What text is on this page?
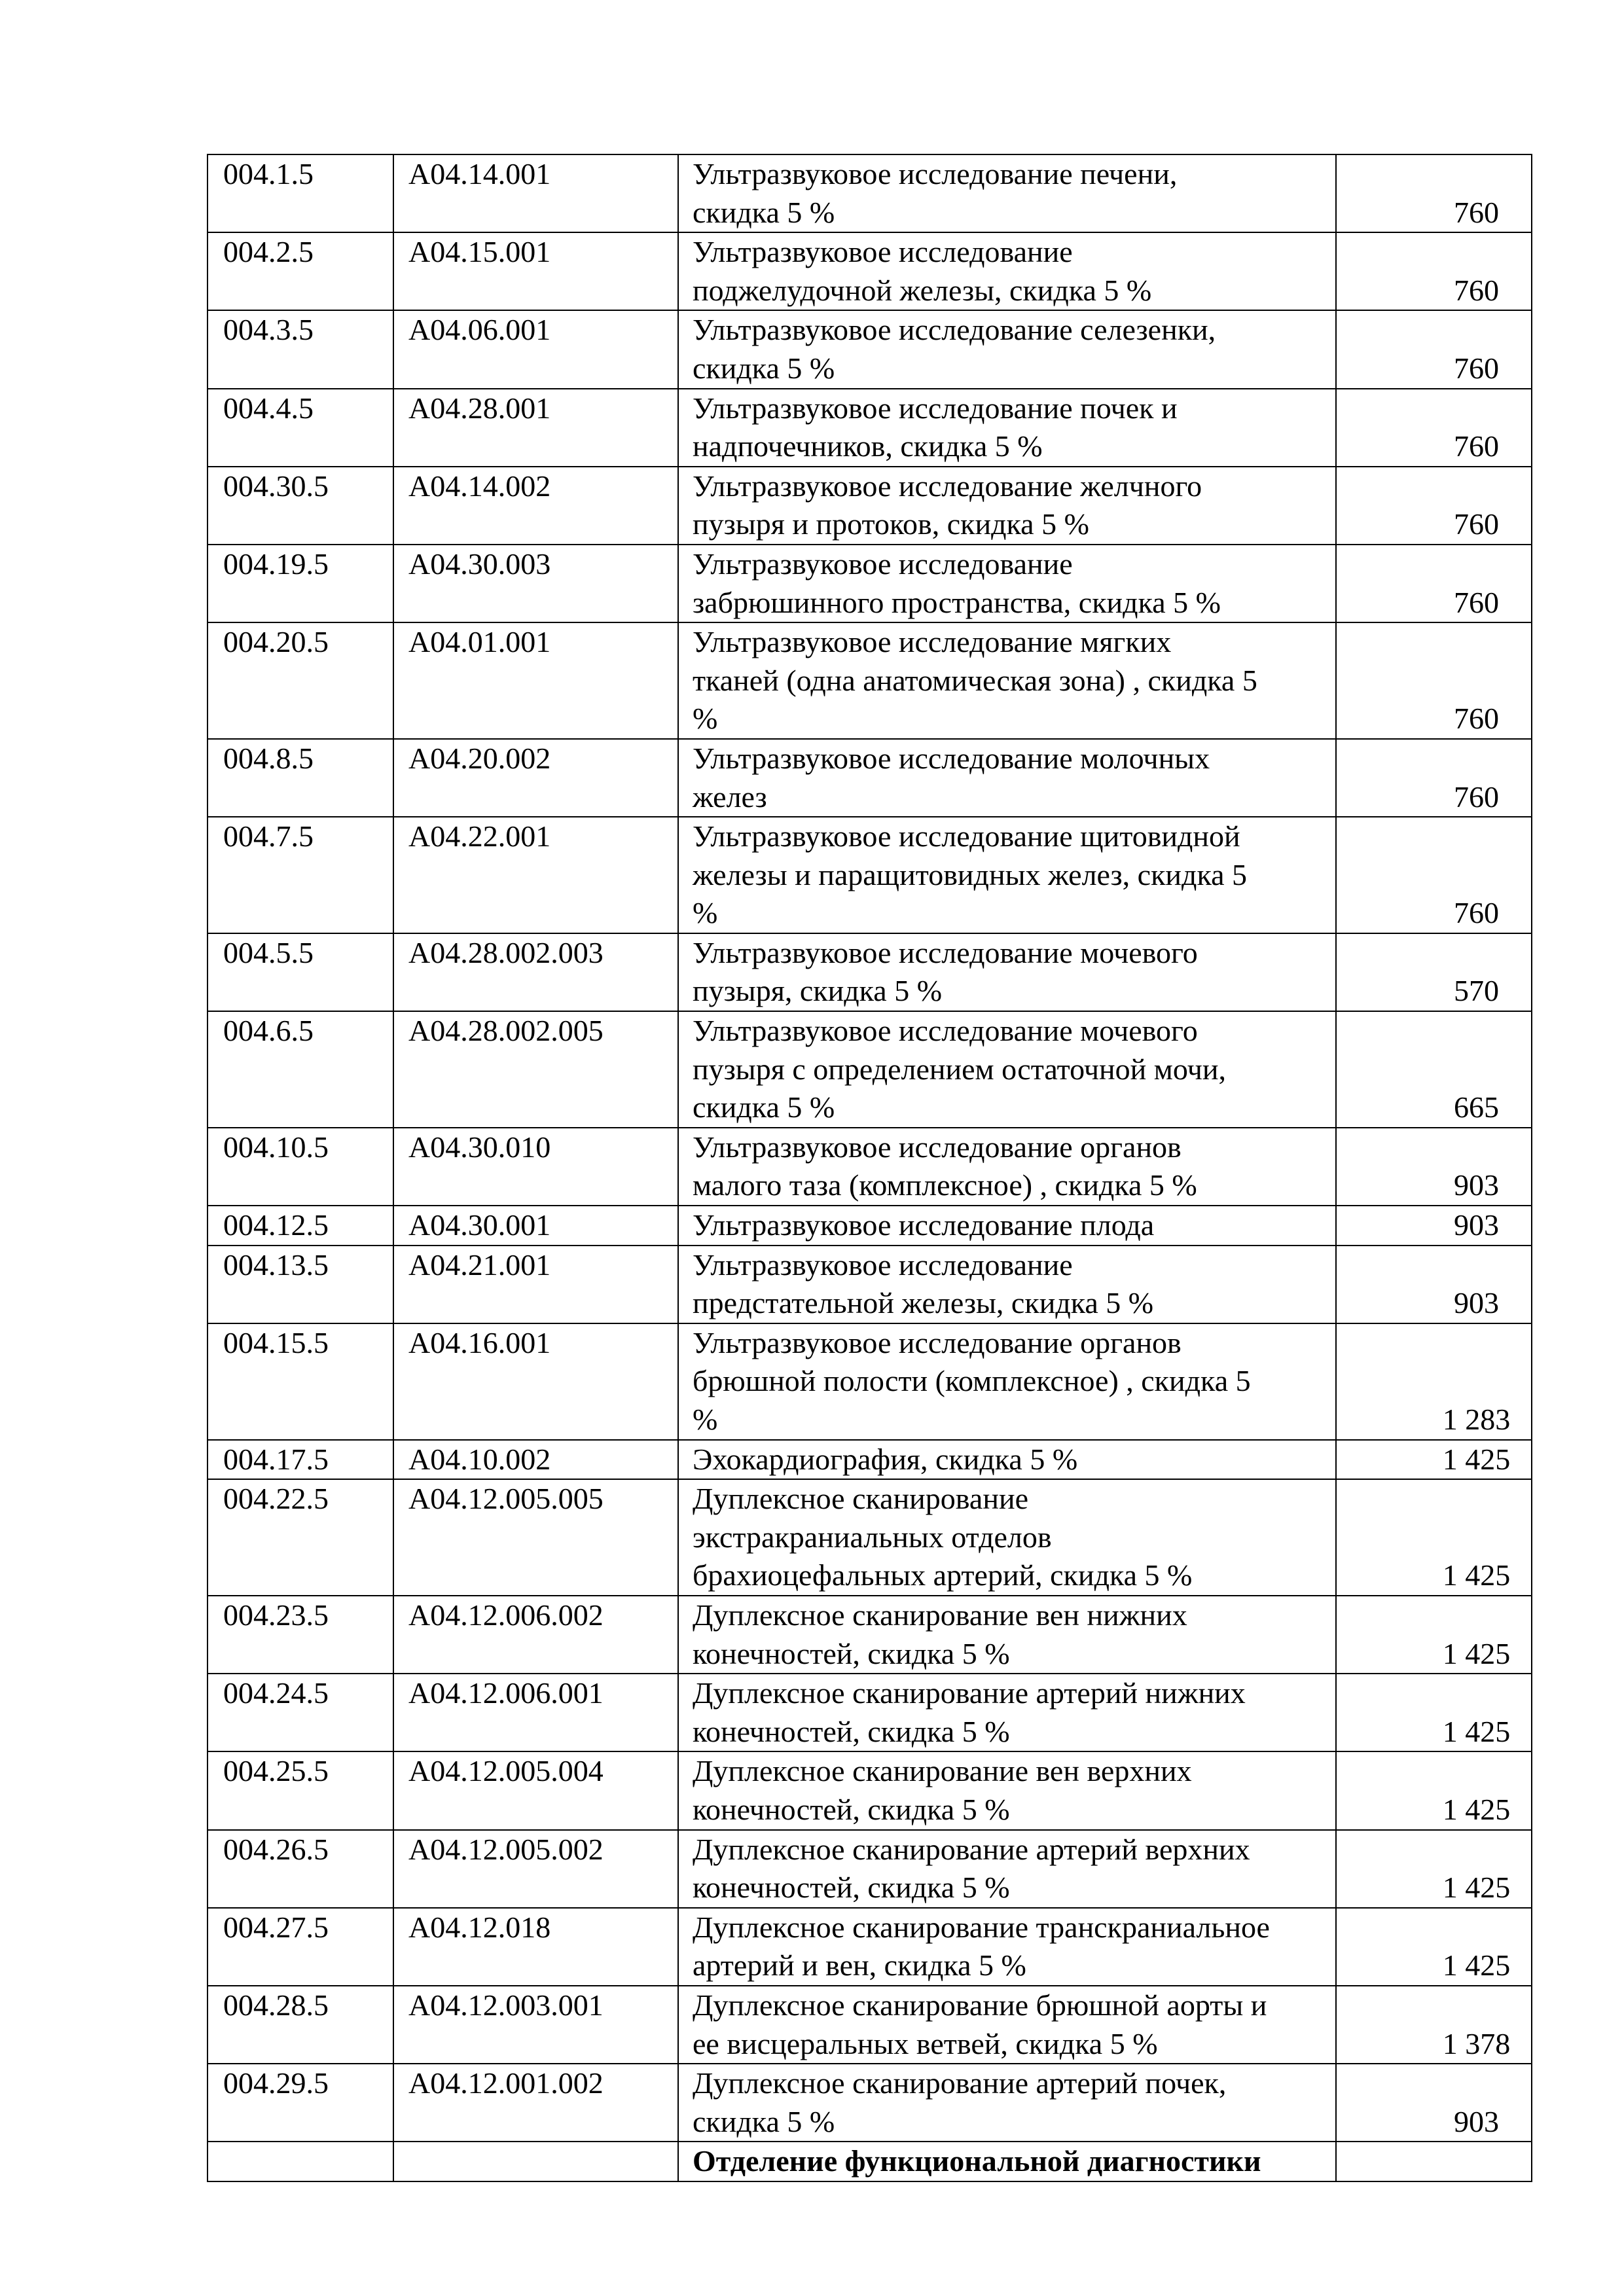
004.1.5	A04.14.001	Ультразвуковое исследование печени,
скидка 5 %	760
004.2.5	A04.15.001	Ультразвуковое исследование
поджелудочной железы, скидка 5 %	760
004.3.5	A04.06.001	Ультразвуковое исследование селезенки,
скидка 5 %	760
004.4.5	A04.28.001	Ультразвуковое исследование почек и
надпочечников, скидка 5 %	760
004.30.5	A04.14.002	Ультразвуковое исследование желчного
пузыря и протоков, скидка 5 %	760
004.19.5	A04.30.003	Ультразвуковое исследование
забрюшинного пространства, скидка 5 %	760
004.20.5	A04.01.001	Ультразвуковое исследование мягких
тканей (одна анатомическая зона) , скидка 5
%	760
004.8.5	A04.20.002	Ультразвуковое исследование молочных
желез	760
004.7.5	A04.22.001	Ультразвуковое исследование щитовидной
железы и паращитовидных желез, скидка 5
%	760
004.5.5	A04.28.002.003	Ультразвуковое исследование мочевого
пузыря, скидка 5 %	570
004.6.5	A04.28.002.005	Ультразвуковое исследование мочевого
пузыря с определением остаточной мочи,
скидка 5 %	665
004.10.5	A04.30.010	Ультразвуковое исследование органов
малого таза (комплексное) , скидка 5 %	903
004.12.5	A04.30.001	Ультразвуковое исследование плода	903
004.13.5	A04.21.001	Ультразвуковое исследование
предстательной железы, скидка 5 %	903
004.15.5	A04.16.001	Ультразвуковое исследование органов
брюшной полости (комплексное) , скидка 5
%	1 283
004.17.5	A04.10.002	Эхокардиография, скидка 5 %	1 425
004.22.5	A04.12.005.005	Дуплексное сканирование
экстракраниальных отделов
брахиоцефальных артерий, скидка 5 %	1 425
004.23.5	A04.12.006.002	Дуплексное сканирование вен нижних
конечностей, скидка 5 %	1 425
004.24.5	A04.12.006.001	Дуплексное сканирование артерий нижних
конечностей, скидка 5 %	1 425
004.25.5	A04.12.005.004	Дуплексное сканирование вен верхних
конечностей, скидка 5 %	1 425
004.26.5	A04.12.005.002	Дуплексное сканирование артерий верхних
конечностей, скидка 5 %	1 425
004.27.5	A04.12.018	Дуплексное сканирование транскраниальное
артерий и вен, скидка 5 %	1 425
004.28.5	A04.12.003.001	Дуплексное сканирование брюшной аорты и
ее висцеральных ветвей, скидка 5 %	1 378
004.29.5	A04.12.001.002	Дуплексное сканирование артерий почек,
скидка 5 %	903
		Отделение функциональной диагностики	
